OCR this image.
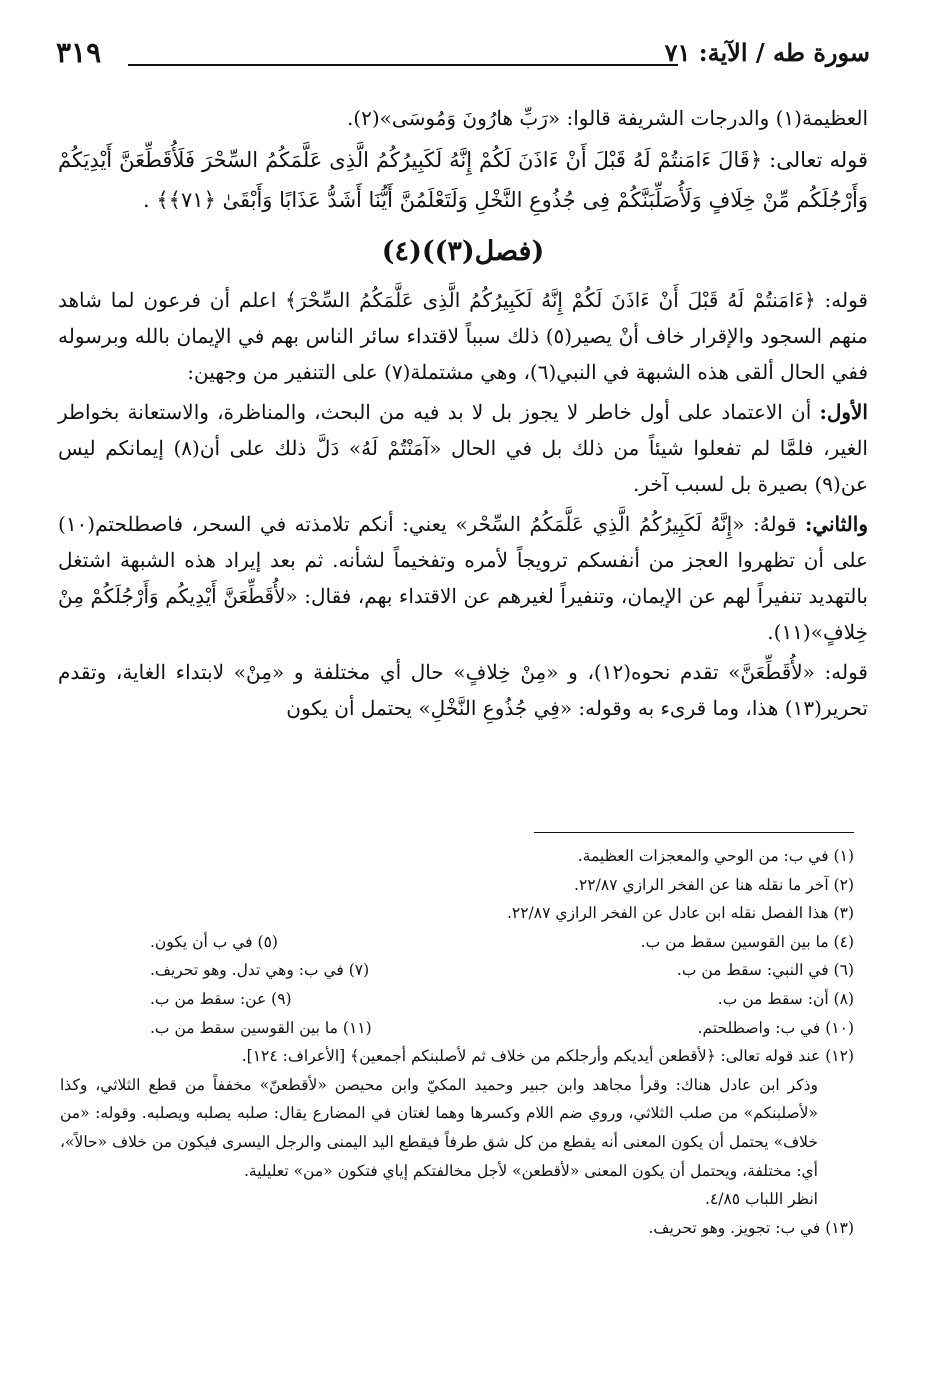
سورة طه / الآية: ٧١
٣١٩

العظيمة(١) والدرجات الشريفة قالوا: «رَبِّ هارُونَ وَمُوسَى»(٢).

قوله تعالى: ﴿قَالَ ءَامَنتُمْ لَهُ قَبْلَ أَنْ ءَاذَنَ لَكُمْ إِنَّهُ لَكَبِيرُكُمُ الَّذِى عَلَّمَكُمُ السِّحْرَ فَلَأُقَطِّعَنَّ أَيْدِيَكُمْ وَأَرْجُلَكُم مِّنْ خِلَافٍ وَلَأُصَلِّبَنَّكُمْ فِى جُذُوعِ النَّخْلِ وَلَتَعْلَمُنَّ أَيُّنَا أَشَدُّ عَذَابًا وَأَبْقَىٰ ﴿٧١﴾﴾ .

(فصل(٣))(٤)

قوله: ﴿ءَامَنتُمْ لَهُ قَبْلَ أَنْ ءَاذَنَ لَكُمْ إِنَّهُ لَكَبِيرُكُمُ الَّذِى عَلَّمَكُمُ السِّحْرَ﴾ اعلم أن فرعون لما شاهد منهم السجود والإقرار خاف أنْ يصير(٥) ذلك سبباً لاقتداء سائر الناس بهم في الإيمان بالله وبرسوله ففي الحال ألقى هذه الشبهة في النبي(٦)، وهي مشتملة(٧) على التنفير من وجهين:

الأول: أن الاعتماد على أول خاطر لا يجوز بل لا بد فيه من البحث، والمناظرة، والاستعانة بخواطر الغير، فلمَّا لم تفعلوا شيئاً من ذلك بل في الحال «آمَنْتُمْ لَهُ» دَلَّ ذلك على أن(٨) إيمانكم ليس عن(٩) بصيرة بل لسبب آخر.

والثاني: قولهُ: «إِنَّهُ لَكَبِيرُكُمُ الَّذِي عَلَّمَكُمُ السِّحْر» يعني: أنكم تلامذته في السحر، فاصطلحتم(١٠) على أن تظهروا العجز من أنفسكم ترويجاً لأمره وتفخيماً لشأنه. ثم بعد إيراد هذه الشبهة اشتغل بالتهديد تنفيراً لهم عن الإيمان، وتنفيراً لغيرهم عن الاقتداء بهم، فقال: «لأُقَطِّعَنَّ أَيْدِيكُم وَأَرْجُلَكُمْ مِنْ خِلافٍ»(١١).

قوله: «لأُقَطِّعَنَّ» تقدم نحوه(١٢)، و «مِنْ خِلافٍ» حال أي مختلفة و «مِنْ» لابتداء الغاية، وتقدم تحرير(١٣) هذا، وما قرىء به وقوله: «فِي جُذُوعِ النَّخْلِ» يحتمل أن يكون

(١) في ب: من الوحي والمعجزات العظيمة.
(٢) آخر ما نقله هنا عن الفخر الرازي ٢٢/٨٧.
(٣) هذا الفصل نقله ابن عادل عن الفخر الرازي ٢٢/٨٧.
(٤) ما بين القوسين سقط من ب.
(٥) في ب أن يكون.
(٦) في النبي: سقط من ب.
(٧) في ب: وهي تدل. وهو تحريف.
(٨) أن: سقط من ب.
(٩) عن: سقط من ب.
(١٠) في ب: واصطلحتم.
(١١) ما بين القوسين سقط من ب.
(١٢) عند قوله تعالى: ﴿لأقطعن أيديكم وأرجلكم من خلاف ثم لأصلبنكم أجمعين﴾ [الأعراف: ١٢٤].
وذكر ابن عادل هناك: وقرأ مجاهد وابن جبير وحميد المكيّ وابن محيصن «لأقطعنّ» مخففاً من قطع الثلاثي، وكذا «لأصلبنكم» من صلب الثلاثي، وروي ضم اللام وكسرها وهما لغتان في المضارع يقال: صلبه يصلبه ويصلبه. وقوله: «من خلاف» يحتمل أن يكون المعنى أنه يقطع من كل شق طرفاً فيقطع اليد اليمنى والرجل اليسرى فيكون من خلاف «حالاً»، أي: مختلفة، ويحتمل أن يكون المعنى «لأقطعن» لأجل مخالفتكم إياي فتكون «من» تعليلية.
انظر اللباب ٤/٨٥.
(١٣) في ب: تجويز. وهو تحريف.
